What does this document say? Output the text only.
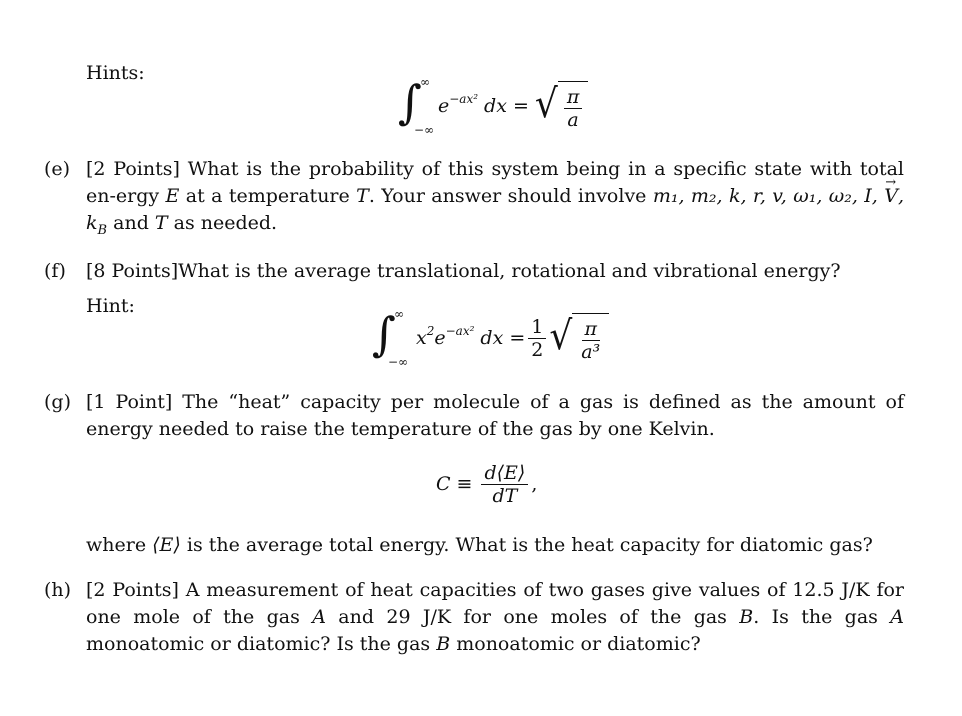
Hints:
∫
∞
−∞
e −ax² dx = √ $\frac{\pi}{a}$
(e) [2 Points] What is the probability of this system being in a specific state with total en-ergy E at a temperature T. Your answer should involve m₁, m₂, k, r, v, ω₁, ω₂, I, → V, $k_B$ and T as needed.
(f)	[8 Points]What is the average translational, rotational and vibrational energy?
Hint:
∫
∞
−∞
x 2 e −ax² dx = $\frac{1}{2}$ √ $\frac{\pi}{\text{a³}}$
(g) [1 Point] The “heat” capacity per molecule of a gas is defined as the amount of energy needed to raise the temperature of the gas by one Kelvin.
$C \equiv \frac{d⟨E⟩}{dT}$ ,
where ⟨E⟩ is the average total energy. What is the heat capacity for diatomic gas?
(h) [2 Points] A measurement of heat capacities of two gases give values of 12.5 J/K for one mole of the gas A and 29 J/K for one moles of the gas B. Is the gas A monoatomic or diatomic? Is the gas B monoatomic or diatomic?
